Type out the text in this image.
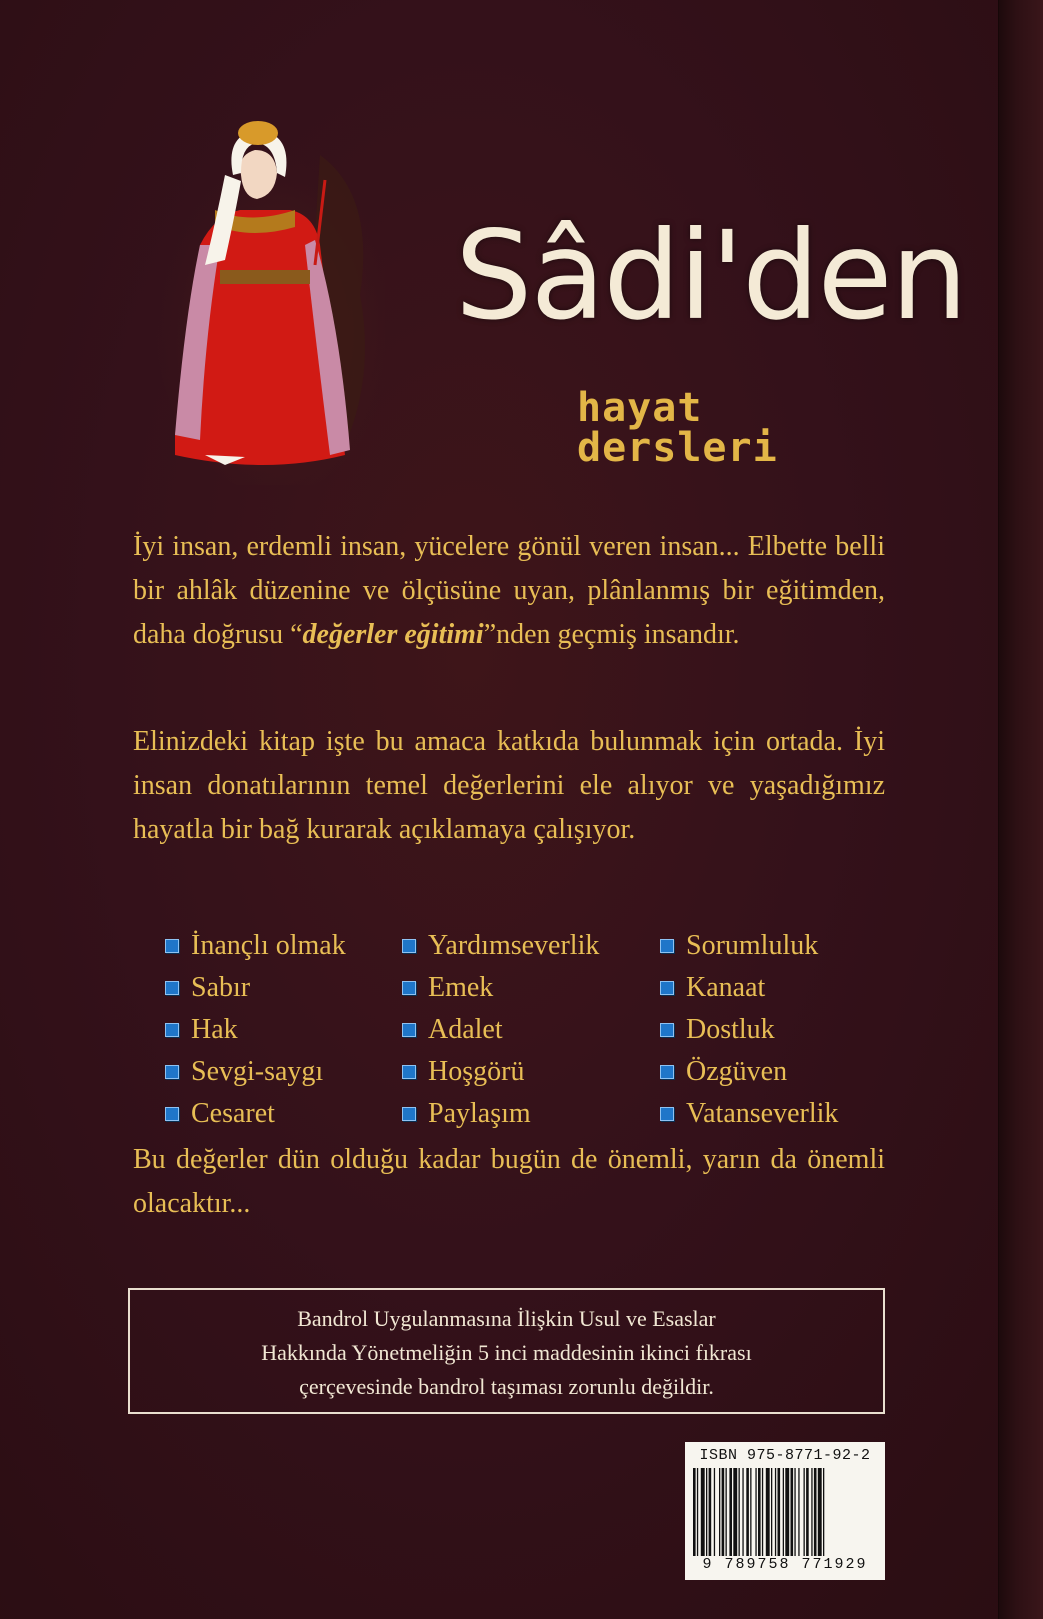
Sâdi'den
hayat dersleri

İyi insan, erdemli insan, yücelere gönül veren insan... Elbette belli bir ahlâk düzenine ve ölçüsüne uyan, plânlanmış bir eğitimden, daha doğrusu “değerler eğitimi”nden geçmiş insandır.

Elinizdeki kitap işte bu amaca katkıda bulunmak için ortada. İyi insan donatılarının temel değerlerini ele alıyor ve yaşadığımız hayatla bir bağ kurarak açıklamaya çalışıyor.

İnançlı olmak
Sabır
Hak
Sevgi-saygı
Cesaret
Yardımseverlik
Emek
Adalet
Hoşgörü
Paylaşım
Sorumluluk
Kanaat
Dostluk
Özgüven
Vatanseverlik

Bu değerler dün olduğu kadar bugün de önemli, yarın da önemli olacaktır...

Bandrol Uygulanmasına İlişkin Usul ve Esaslar
Hakkında Yönetmeliğin 5 inci maddesinin ikinci fıkrası
çerçevesinde bandrol taşıması zorunlu değildir.
ISBN 975-8771-92-2
9 789758 771929
